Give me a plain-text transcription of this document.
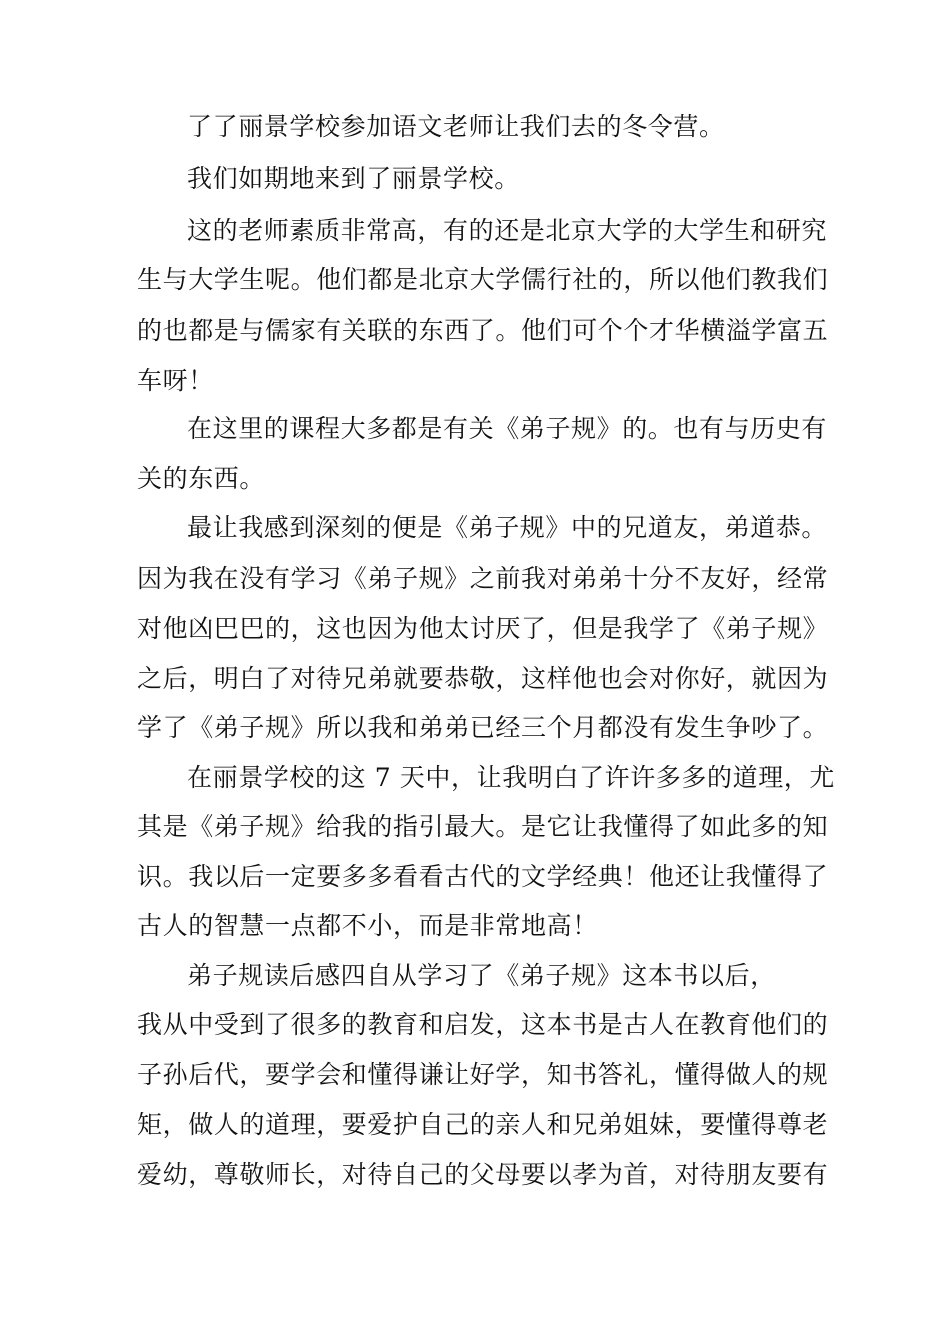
了了丽景学校参加语文老师让我们去的冬令营。
我们如期地来到了丽景学校。
这的老师素质非常高，有的还是北京大学的大学生和研究
生与大学生呢。他们都是北京大学儒行社的，所以他们教我们
的也都是与儒家有关联的东西了。他们可个个才华横溢学富五
车呀！
在这里的课程大多都是有关《弟子规》的。也有与历史有
关的东西。
最让我感到深刻的便是《弟子规》中的兄道友，弟道恭。
因为我在没有学习《弟子规》之前我对弟弟十分不友好，经常
对他凶巴巴的，这也因为他太讨厌了，但是我学了《弟子规》
之后，明白了对待兄弟就要恭敬，这样他也会对你好，就因为
学了《弟子规》所以我和弟弟已经三个月都没有发生争吵了。
在丽景学校的这 7 天中，让我明白了许许多多的道理，尤
其是《弟子规》给我的指引最大。是它让我懂得了如此多的知
识。我以后一定要多多看看古代的文学经典！他还让我懂得了
古人的智慧一点都不小，而是非常地高！
弟子规读后感四自从学习了《弟子规》这本书以后，
我从中受到了很多的教育和启发，这本书是古人在教育他们的
子孙后代，要学会和懂得谦让好学，知书答礼，懂得做人的规
矩，做人的道理，要爱护自己的亲人和兄弟姐妹，要懂得尊老
爱幼，尊敬师长，对待自己的父母要以孝为首，对待朋友要有
